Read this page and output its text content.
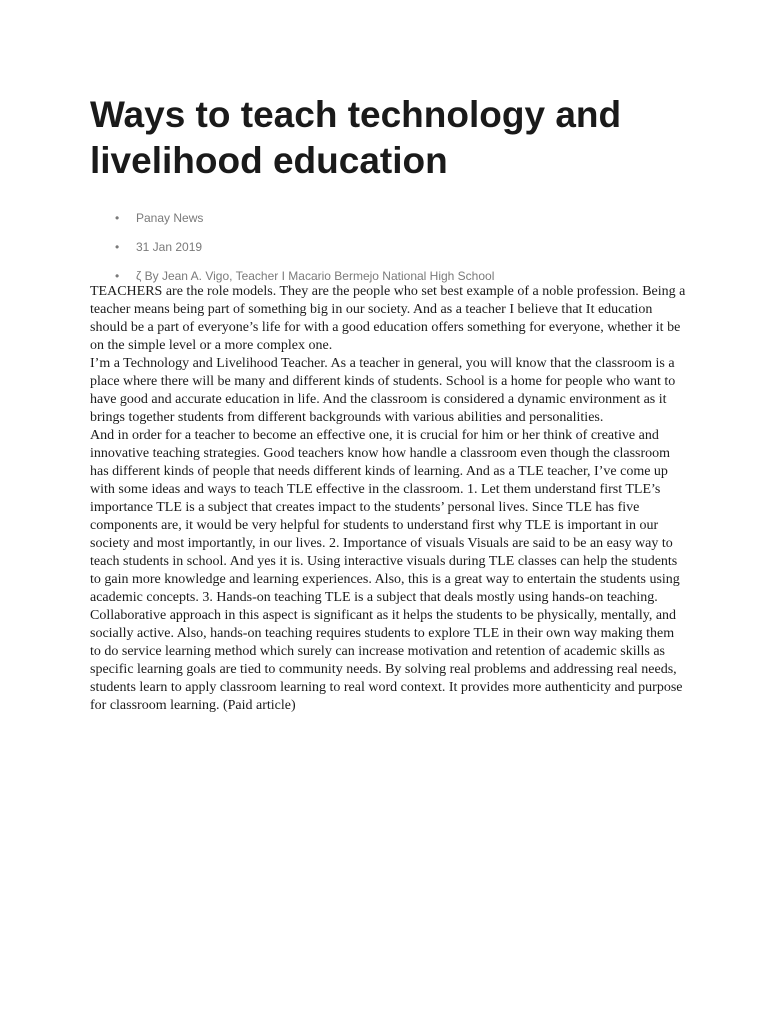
Ways to teach technology and livelihood education
• Panay News
• 31 Jan 2019
• ζ By Jean A. Vigo, Teacher I Macario Bermejo National High School

TEACHERS are the role models. They are the people who set best example of a noble profession. Being a teacher means being part of something big in our society. And as a teacher I believe that It education should be a part of everyone’s life for with a good education offers something for everyone, whether it be on the simple level or a more complex one.

I’m a Technology and Livelihood Teacher. As a teacher in general, you will know that the classroom is a place where there will be many and different kinds of students. School is a home for people who want to have good and accurate education in life. And the classroom is considered a dynamic environment as it brings together students from different backgrounds with various abilities and personalities.

And in order for a teacher to become an effective one, it is crucial for him or her think of creative and innovative teaching strategies. Good teachers know how handle a classroom even though the classroom has different kinds of people that needs different kinds of learning. And as a TLE teacher, I’ve come up with some ideas and ways to teach TLE effective in the classroom. 1. Let them understand first TLE’s importance TLE is a subject that creates impact to the students’ personal lives. Since TLE has five components are, it would be very helpful for students to understand first why TLE is important in our society and most importantly, in our lives. 2. Importance of visuals Visuals are said to be an easy way to teach students in school. And yes it is. Using interactive visuals during TLE classes can help the students to gain more knowledge and learning experiences. Also, this is a great way to entertain the students using academic concepts. 3. Hands-on teaching TLE is a subject that deals mostly using hands-on teaching. Collaborative approach in this aspect is significant as it helps the students to be physically, mentally, and socially active. Also, hands-on teaching requires students to explore TLE in their own way making them to do service learning method which surely can increase motivation and retention of academic skills as specific learning goals are tied to community needs. By solving real problems and addressing real needs, students learn to apply classroom learning to real word context. It provides more authenticity and purpose for classroom learning. (Paid article)
